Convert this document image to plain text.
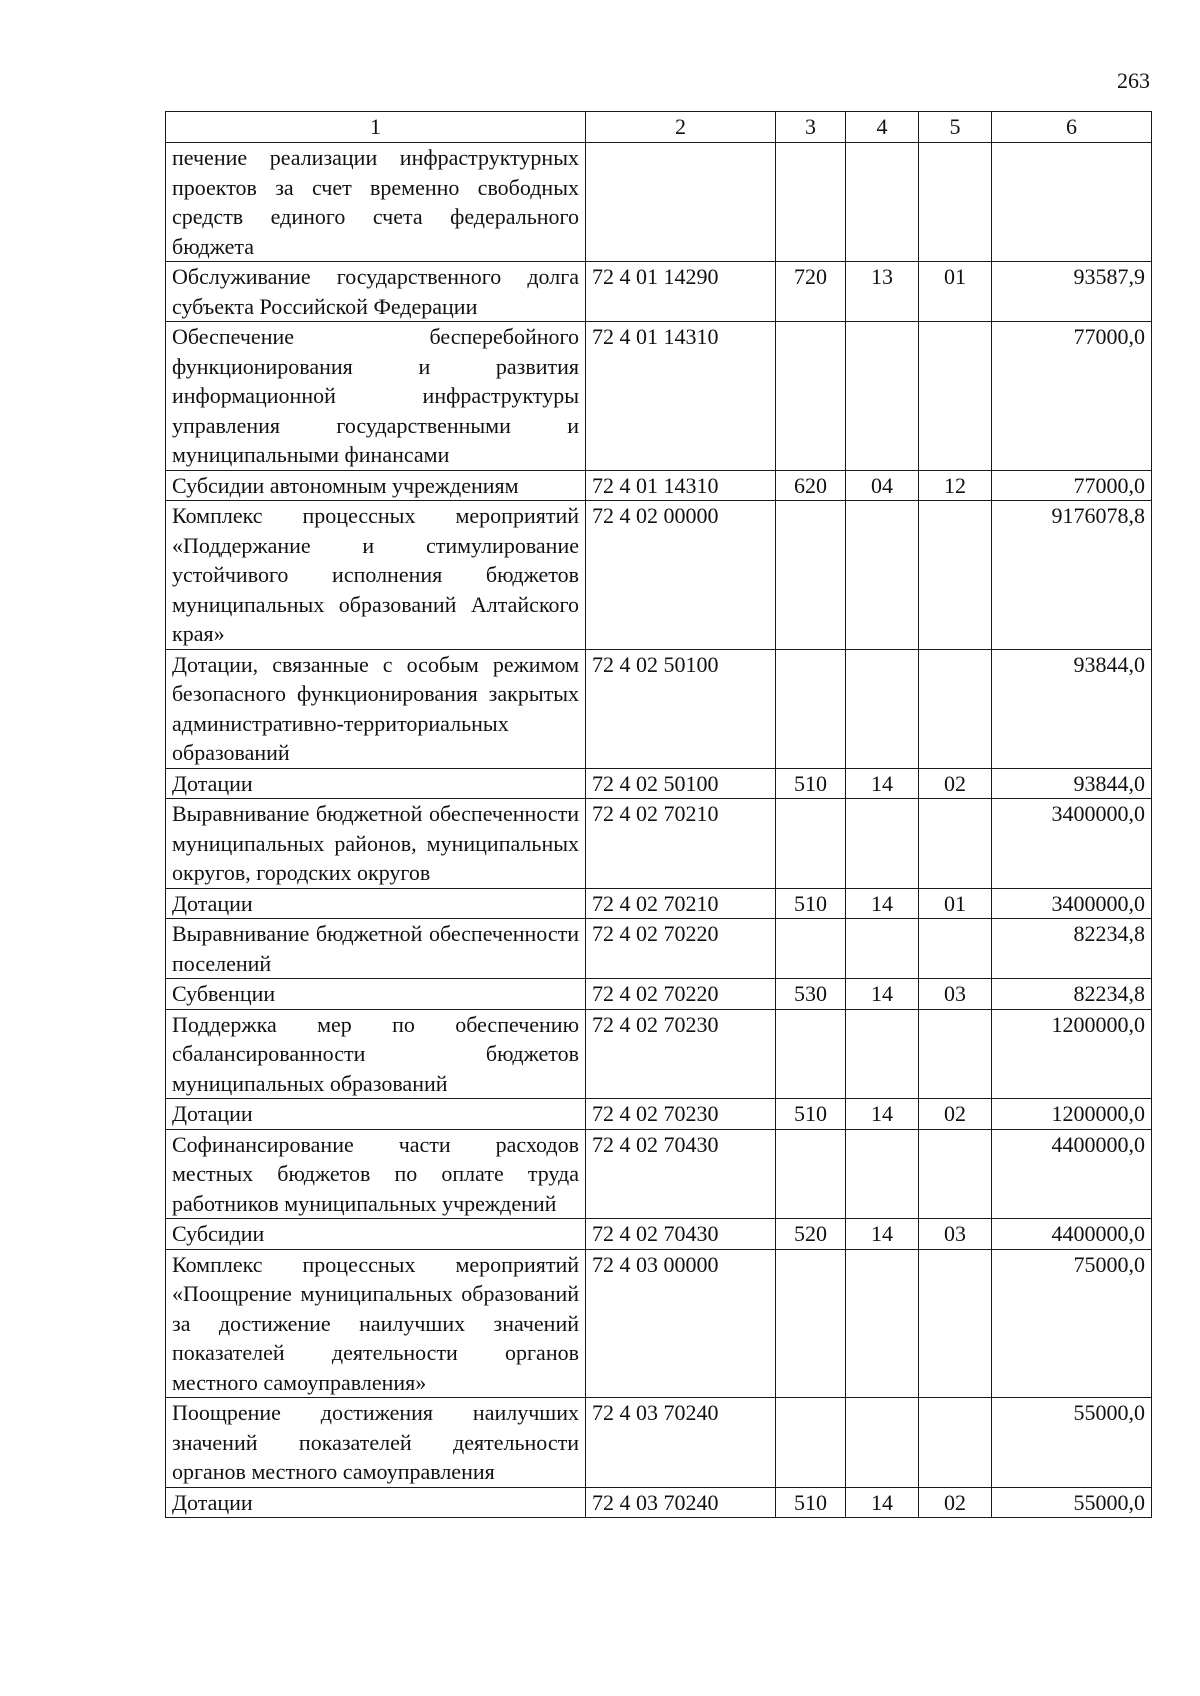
263
1	2	3	4	5	6
печение реализации инфраструктурных проектов за счет временно свободных средств единого счета федерального бюджета					
Обслуживание государственного долга субъекта Российской Федерации	72 4 01 14290	720	13	01	93587,9
Обеспечение бесперебойного функционирования и развития информационной инфраструктуры управления государственными и муниципальными финансами	72 4 01 14310				77000,0
Субсидии автономным учреждениям	72 4 01 14310	620	04	12	77000,0
Комплекс процессных мероприятий «Поддержание и стимулирование устойчивого исполнения бюджетов муниципальных образований Алтайского края»	72 4 02 00000				9176078,8
Дотации, связанные с особым режимом безопасного функционирования закрытых административно-территориальных образований	72 4 02 50100				93844,0
Дотации	72 4 02 50100	510	14	02	93844,0
Выравнивание бюджетной обеспеченности муниципальных районов, муниципальных округов, городских округов	72 4 02 70210				3400000,0
Дотации	72 4 02 70210	510	14	01	3400000,0
Выравнивание бюджетной обеспеченности поселений	72 4 02 70220				82234,8
Субвенции	72 4 02 70220	530	14	03	82234,8
Поддержка мер по обеспечению сбалансированности бюджетов муниципальных образований	72 4 02 70230				1200000,0
Дотации	72 4 02 70230	510	14	02	1200000,0
Софинансирование части расходов местных бюджетов по оплате труда работников муниципальных учреждений	72 4 02 70430				4400000,0
Субсидии	72 4 02 70430	520	14	03	4400000,0
Комплекс процессных мероприятий «Поощрение муниципальных образований за достижение наилучших значений показателей деятельности органов местного самоуправления»	72 4 03 00000				75000,0
Поощрение достижения наилучших значений показателей деятельности органов местного самоуправления	72 4 03 70240				55000,0
Дотации	72 4 03 70240	510	14	02	55000,0
